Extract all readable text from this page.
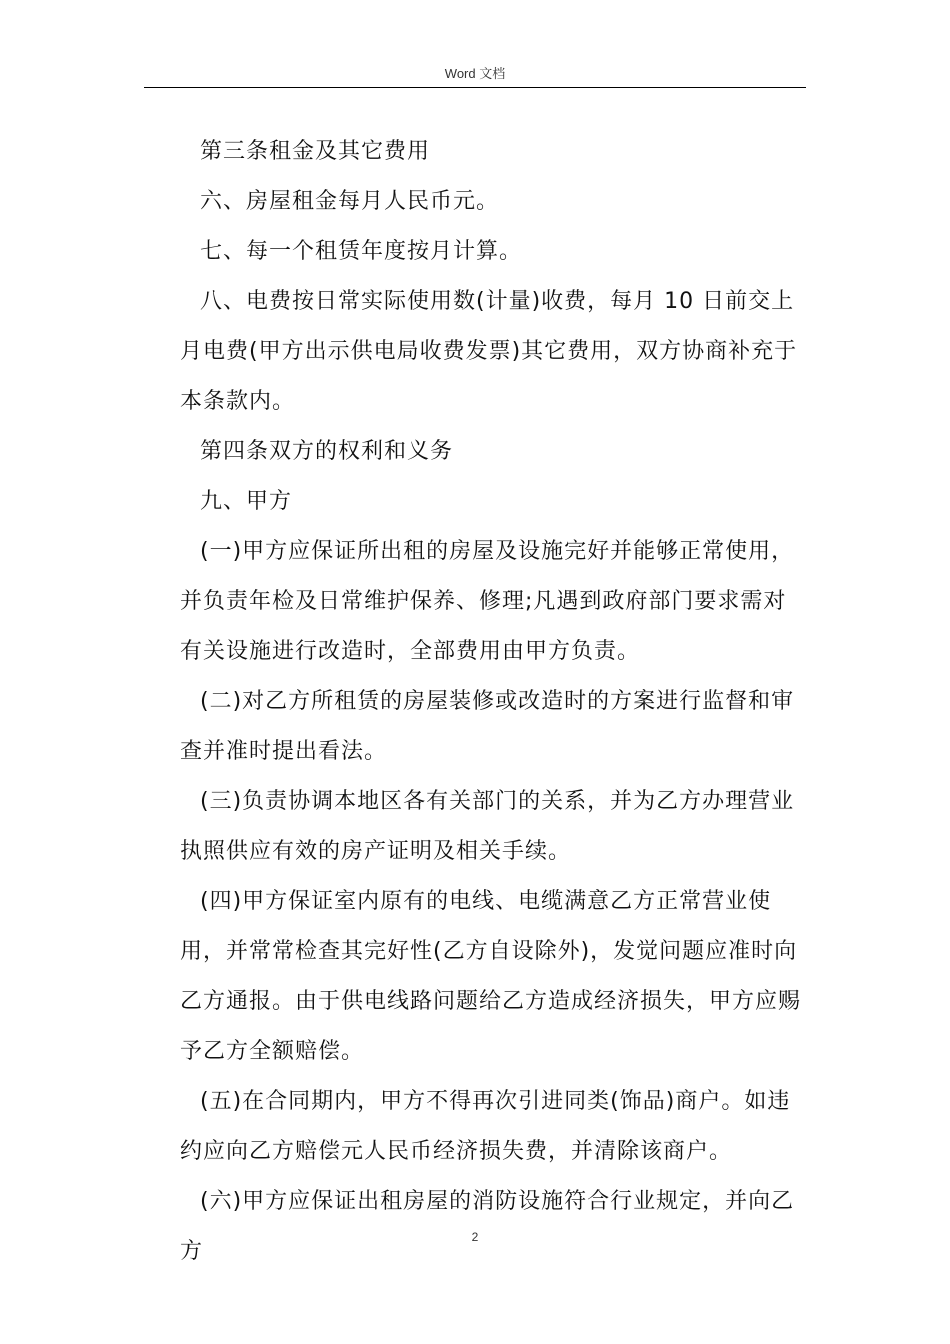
Word 文档

第三条租金及其它费用

六、房屋租金每月人民币元。

七、每一个租赁年度按月计算。

八、电费按日常实际使用数(计量)收费，每月 10 日前交上月电费(甲方出示供电局收费发票)其它费用，双方协商补充于本条款内。

第四条双方的权利和义务

九、甲方

(一)甲方应保证所出租的房屋及设施完好并能够正常使用，并负责年检及日常维护保养、修理;凡遇到政府部门要求需对有关设施进行改造时，全部费用由甲方负责。

(二)对乙方所租赁的房屋装修或改造时的方案进行监督和审查并准时提出看法。

(三)负责协调本地区各有关部门的关系，并为乙方办理营业执照供应有效的房产证明及相关手续。

(四)甲方保证室内原有的电线、电缆满意乙方正常营业使用，并常常检查其完好性(乙方自设除外)，发觉问题应准时向乙方通报。由于供电线路问题给乙方造成经济损失，甲方应赐予乙方全额赔偿。

(五)在合同期内，甲方不得再次引进同类(饰品)商户。如违约应向乙方赔偿元人民币经济损失费，并清除该商户。

(六)甲方应保证出租房屋的消防设施符合行业规定，并向乙方

2
